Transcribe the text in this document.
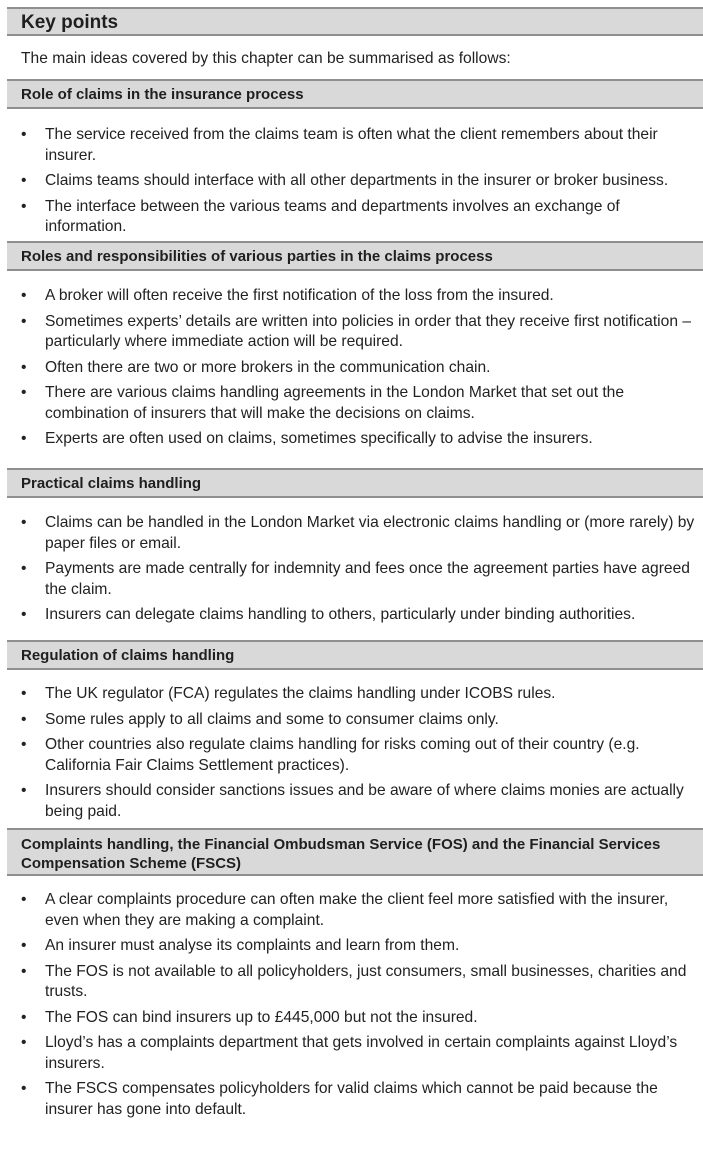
Key points
The main ideas covered by this chapter can be summarised as follows:
Role of claims in the insurance process
• The service received from the claims team is often what the client remembers about their insurer.
• Claims teams should interface with all other departments in the insurer or broker business.
• The interface between the various teams and departments involves an exchange of information.
Roles and responsibilities of various parties in the claims process
• A broker will often receive the first notification of the loss from the insured.
• Sometimes experts’ details are written into policies in order that they receive first notification – particularly where immediate action will be required.
• Often there are two or more brokers in the communication chain.
• There are various claims handling agreements in the London Market that set out the combination of insurers that will make the decisions on claims.
• Experts are often used on claims, sometimes specifically to advise the insurers.
Practical claims handling
• Claims can be handled in the London Market via electronic claims handling or (more rarely) by paper files or email.
• Payments are made centrally for indemnity and fees once the agreement parties have agreed the claim.
• Insurers can delegate claims handling to others, particularly under binding authorities.
Regulation of claims handling
• The UK regulator (FCA) regulates the claims handling under ICOBS rules.
• Some rules apply to all claims and some to consumer claims only.
• Other countries also regulate claims handling for risks coming out of their country (e.g. California Fair Claims Settlement practices).
• Insurers should consider sanctions issues and be aware of where claims monies are actually being paid.
Complaints handling, the Financial Ombudsman Service (FOS) and the Financial Services Compensation Scheme (FSCS)
• A clear complaints procedure can often make the client feel more satisfied with the insurer, even when they are making a complaint.
• An insurer must analyse its complaints and learn from them.
• The FOS is not available to all policyholders, just consumers, small businesses, charities and trusts.
• The FOS can bind insurers up to £445,000 but not the insured.
• Lloyd’s has a complaints department that gets involved in certain complaints against Lloyd’s insurers.
• The FSCS compensates policyholders for valid claims which cannot be paid because the insurer has gone into default.
